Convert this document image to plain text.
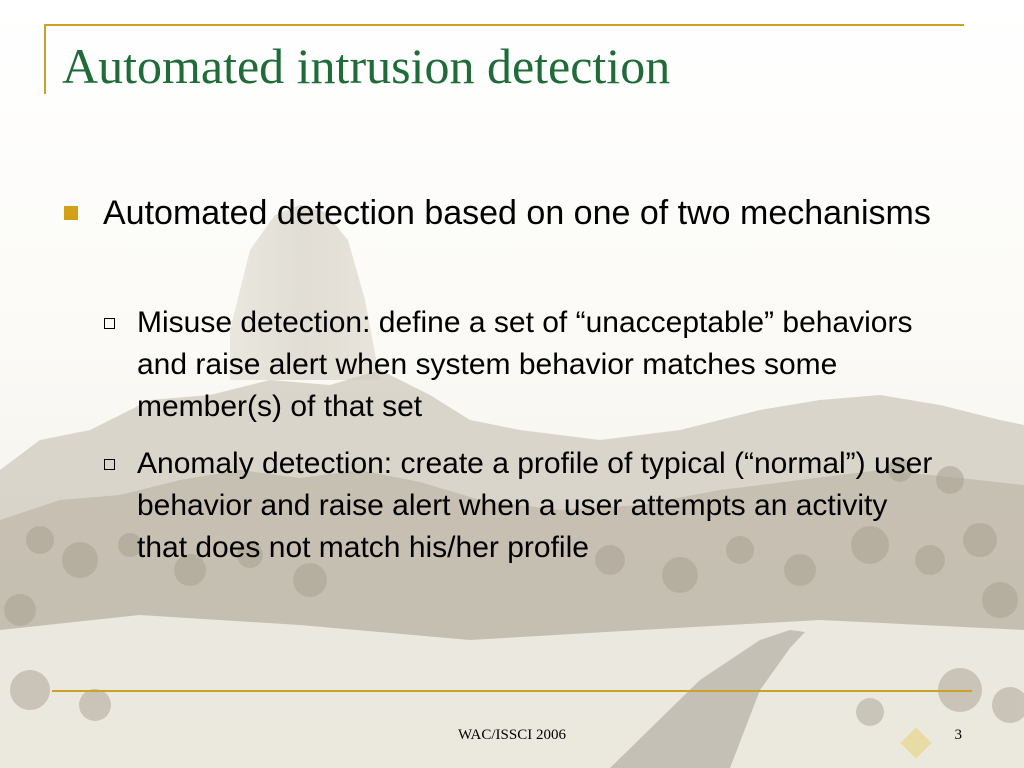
Automated intrusion detection

Automated detection based on one of two mechanisms

Misuse detection: define a set of “unacceptable” behaviors and raise alert when system behavior matches some member(s) of that set

Anomaly detection: create a profile of typical (“normal”) user behavior and raise alert when a user attempts an activity that does not match his/her profile

WAC/ISSCI 2006	3
